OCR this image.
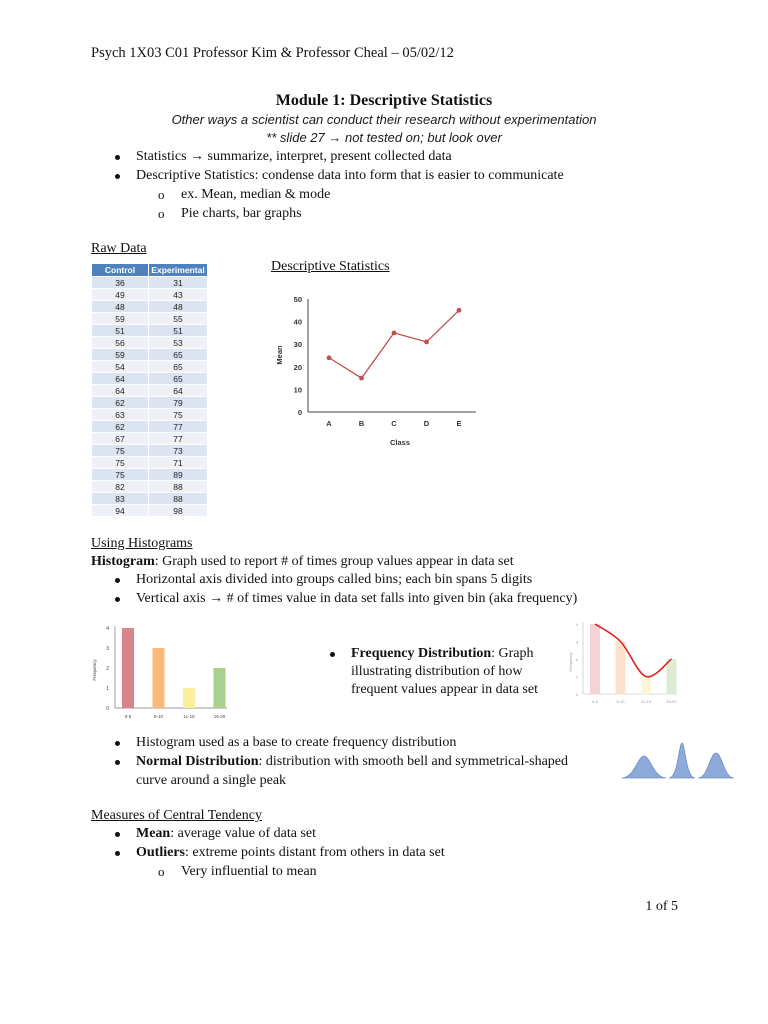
Psych 1X03 C01 Professor Kim & Professor Cheal – 05/02/12
Module 1: Descriptive Statistics
Other ways a scientist can conduct their research without experimentation
** slide 27 → not tested on; but look over
Statistics → summarize, interpret, present collected data
Descriptive Statistics: condense data into form that is easier to communicate
o ex. Mean, median & mode
o Pie charts, bar graphs
Raw Data
Control	Experimental
36	31
49	43
48	48
59	55
51	51
56	53
59	65
54	65
64	65
64	64
62	79
63	75
62	77
67	77
75	73
75	71
75	89
82	88
83	88
94	98
Descriptive Statistics
0
10
20
30
40
50
A	B	C	D	E
Class
Mean
Using Histograms
Histogram: Graph used to report # of times group values appear in data set
Horizontal axis divided into groups called bins; each bin spans 5 digits
Vertical axis → # of times value in data set falls into given bin (aka frequency)
0
1
2
3
4
0-5	6-10	11-15	16-20
Frequency
Frequency Distribution: Graph
illustrating distribution of how
frequent values appear in data set	0
1
2
3
4
0-5	6-10	11-15	16-20
Frequency
Histogram used as a base to create frequency distribution
Normal Distribution: distribution with smooth bell and symmetrical-shaped
curve around a single peak
Measures of Central Tendency
Mean: average value of data set
Outliers: extreme points distant from others in data set
o Very influential to mean
1 of 5
